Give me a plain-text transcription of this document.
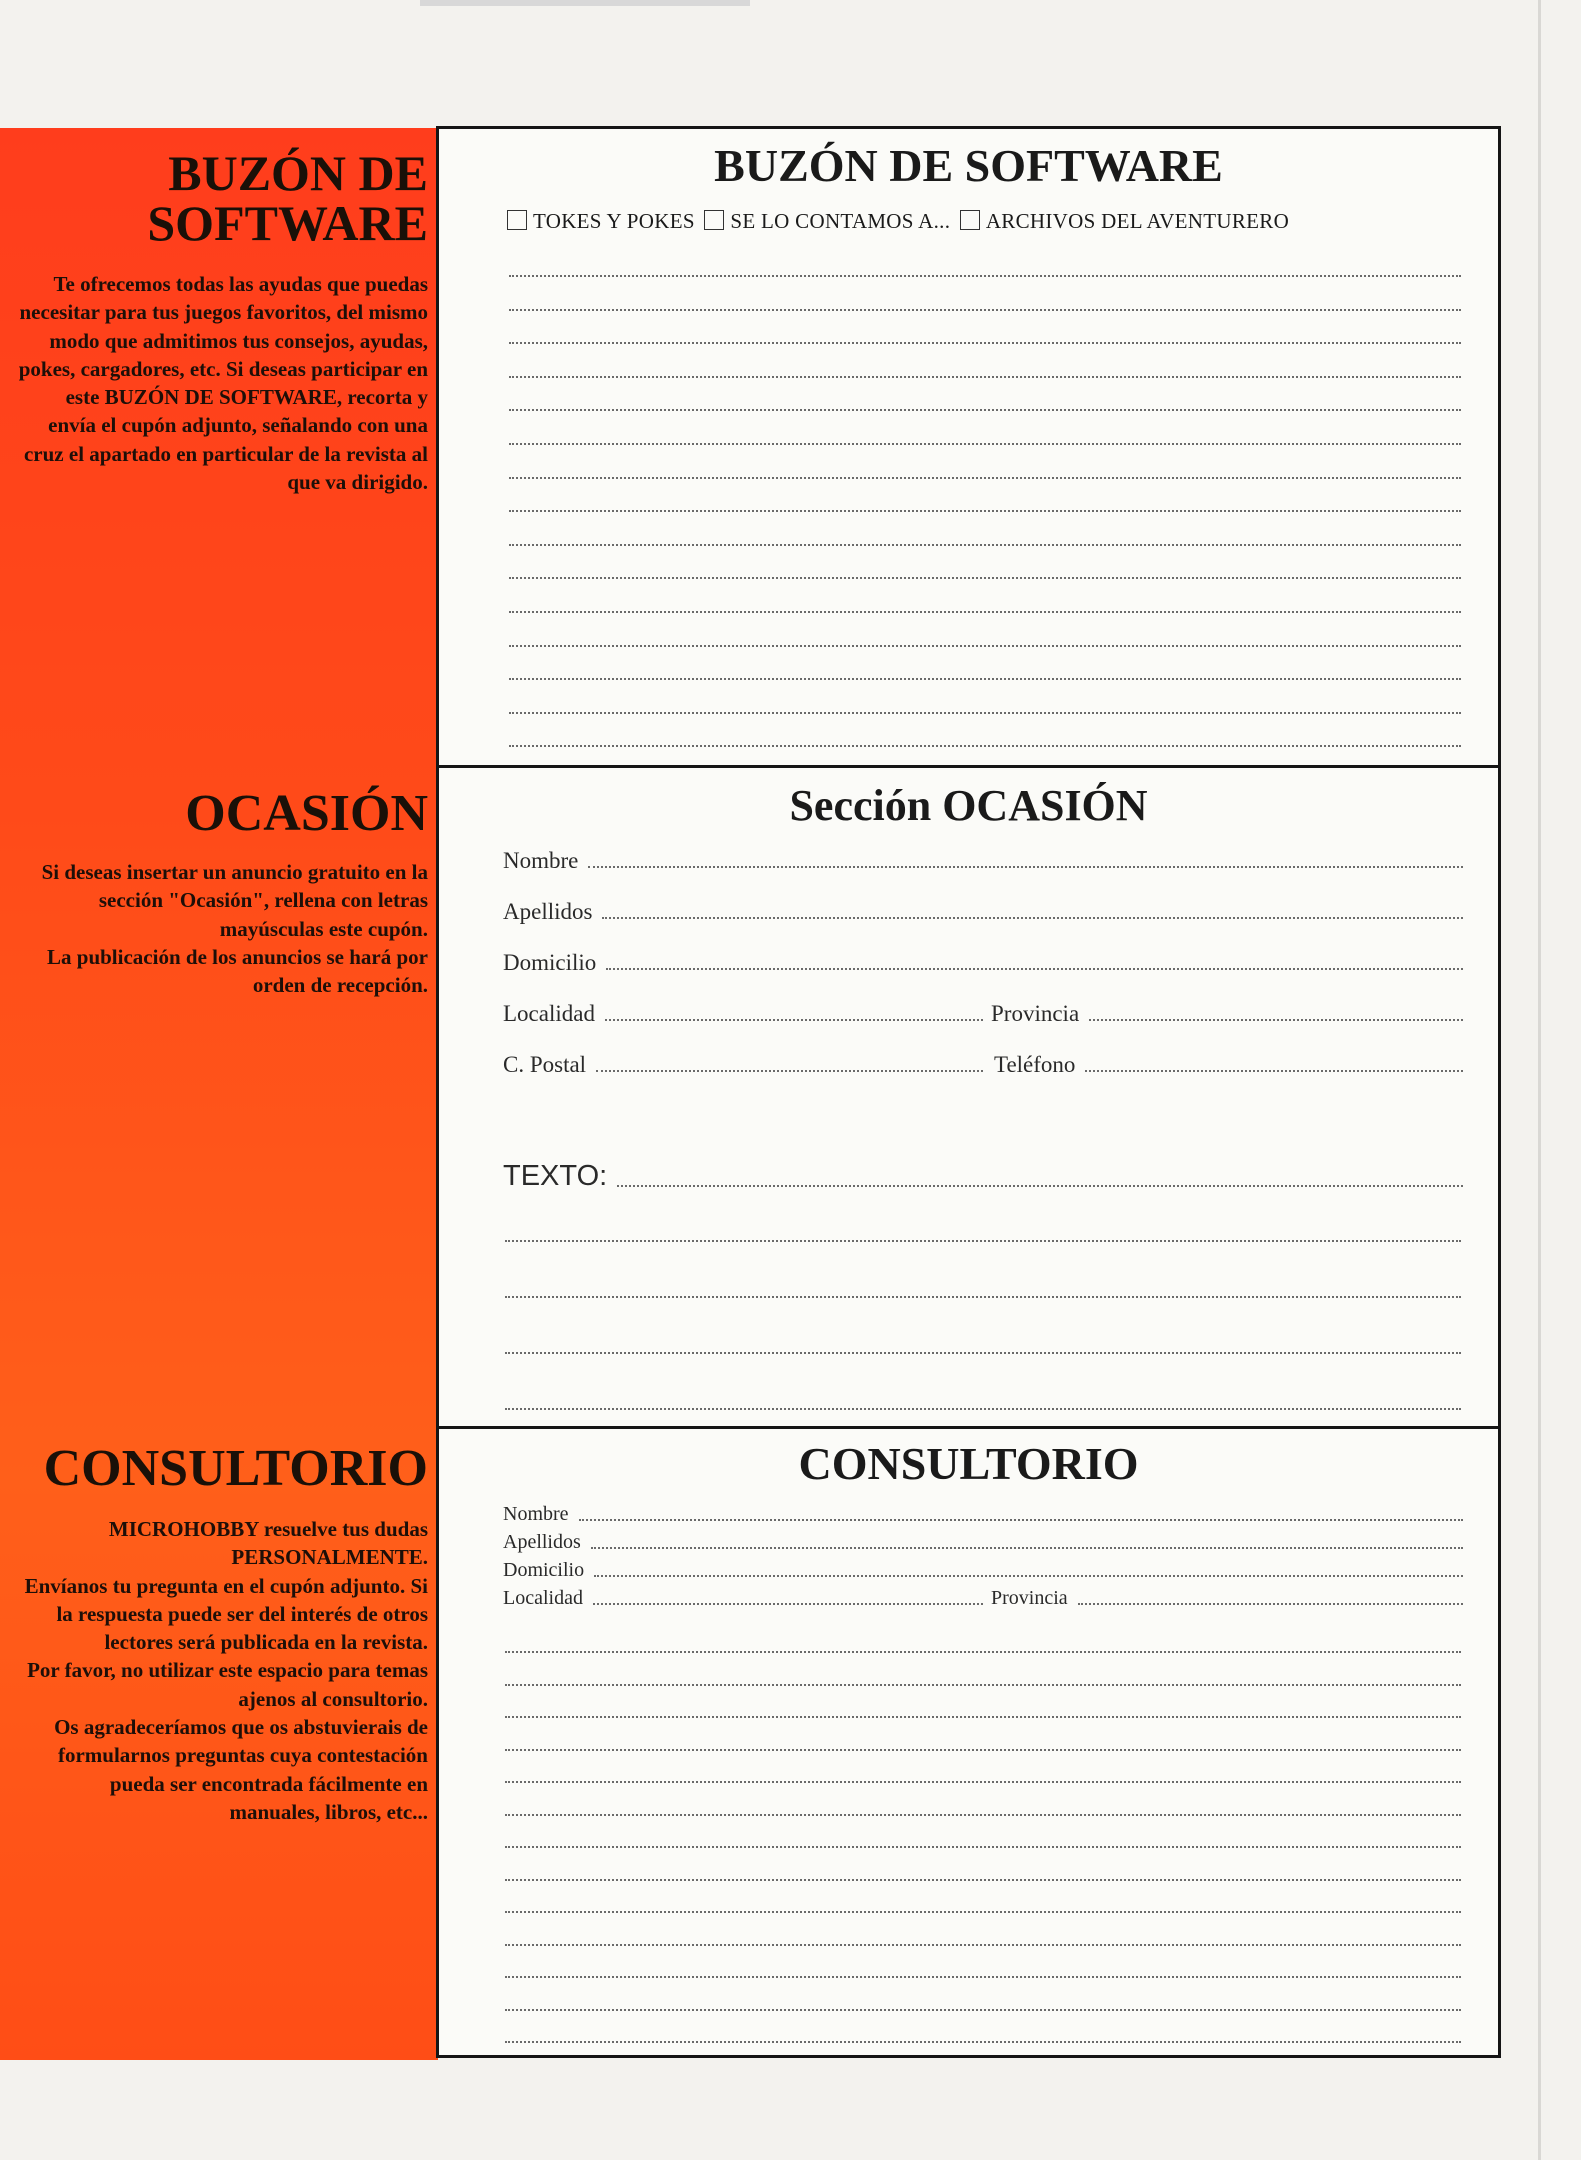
BUZÓN DE
SOFTWARE

Te ofrecemos todas las ayudas que puedas necesitar para tus juegos favoritos, del mismo modo que admitimos tus consejos, ayudas, pokes, cargadores, etc. Si deseas participar en este BUZÓN DE SOFTWARE, recorta y envía el cupón adjunto, señalando con una cruz el apartado en particular de la revista al que va dirigido.

OCASIÓN

Si deseas insertar un anuncio gratuito en la sección "Ocasión", rellena con letras mayúsculas este cupón.

La publicación de los anuncios se hará por orden de recepción.

CONSULTORIO

MICROHOBBY resuelve tus dudas PERSONALMENTE.

Envíanos tu pregunta en el cupón adjunto. Si la respuesta puede ser del interés de otros lectores será publicada en la revista.

Por favor, no utilizar este espacio para temas ajenos al consultorio.

Os agradeceríamos que os abstuvierais de formularnos preguntas cuya contestación pueda ser encontrada fácilmente en manuales, libros, etc...

BUZÓN DE SOFTWARE
TOKES Y POKES SE LO CONTAMOS A... ARCHIVOS DEL AVENTURERO
Sección OCASIÓN
Nombre
Apellidos
Domicilio
Localidad	Provincia
C. Postal	Teléfono
TEXTO:
CONSULTORIO
Nombre
Apellidos
Domicilio
Localidad	Provincia
